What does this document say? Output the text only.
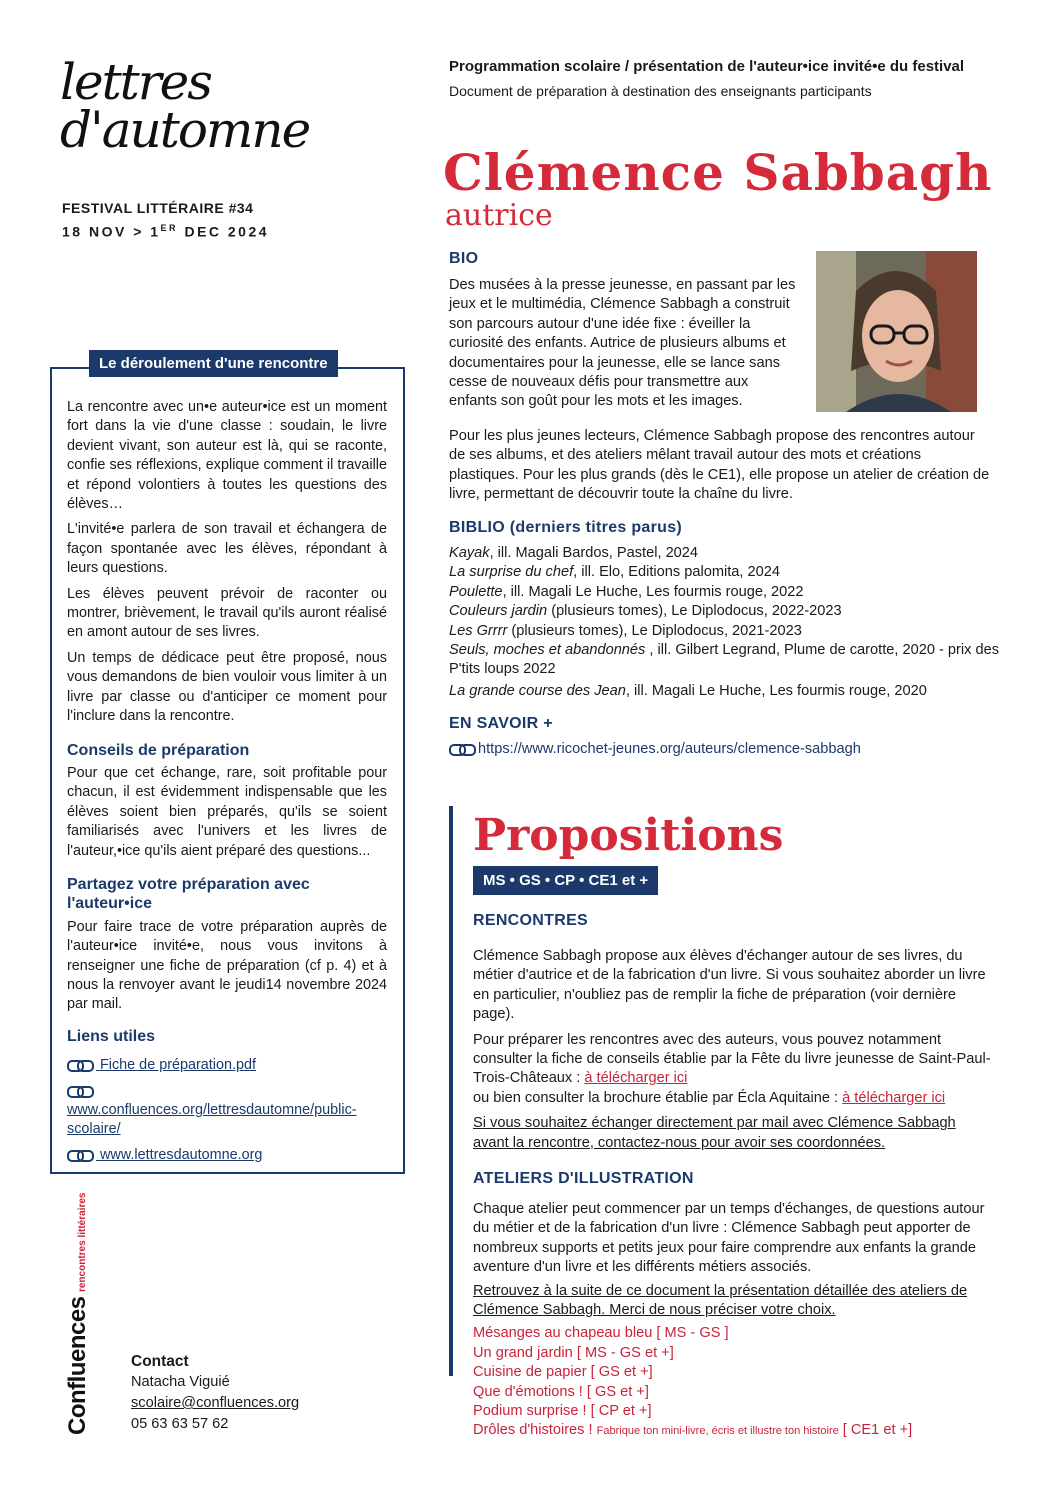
lettres
d'automne
FESTIVAL LITTÉRAIRE #34
18 NOV > 1ER DEC 2024
Programmation scolaire / présentation de l'auteur•ice invité•e du festival
Document de préparation à destination des enseignants participants
Clémence Sabbagh
autrice
BIO
Des musées à la presse jeunesse, en passant par les jeux et le multimédia, Clémence Sabbagh a construit son parcours autour d'une idée fixe : éveiller la curiosité des enfants. Autrice de plusieurs albums et documentaires pour la jeunesse, elle se lance sans cesse de nouveaux défis pour transmettre aux enfants son goût pour les mots et les images.
Pour les plus jeunes lecteurs, Clémence Sabbagh propose des rencontres autour de ses albums, et des ateliers mêlant travail autour des mots et créations plastiques. Pour les plus grands (dès le CE1), elle propose un atelier de création de livre, permettant de découvrir toute la chaîne du livre.
BIBLIO (derniers titres parus)
Kayak, ill. Magali Bardos, Pastel, 2024
La surprise du chef, ill. Elo, Editions palomita, 2024
Poulette, ill. Magali Le Huche, Les fourmis rouge, 2022
Couleurs jardin (plusieurs tomes), Le Diplodocus, 2022-2023
Les Grrrr (plusieurs tomes), Le Diplodocus, 2021-2023
Seuls, moches et abandonnés , ill. Gilbert Legrand, Plume de carotte, 2020 - prix des P'tits loups 2022
La grande course des Jean, ill. Magali Le Huche, Les fourmis rouge, 2020
EN SAVOIR +
https://www.ricochet-jeunes.org/auteurs/clemence-sabbagh
Le déroulement d'une rencontre

La rencontre avec un•e auteur•ice est un moment fort dans la vie d'une classe : soudain, le livre devient vivant, son auteur est là, qui se raconte, confie ses réflexions, explique comment il travaille et répond volontiers à toutes les questions des élèves…

L'invité•e parlera de son travail et échangera de façon spontanée avec les élèves, répondant à leurs questions.

Les élèves peuvent prévoir de raconter ou montrer, brièvement, le travail qu'ils auront réalisé en amont autour de ses livres.

Un temps de dédicace peut être proposé, nous vous demandons de bien vouloir vous limiter à un livre par classe ou d'anticiper ce moment pour l'inclure dans la rencontre.

Conseils de préparation

Pour que cet échange, rare, soit profitable pour chacun, il est évidemment indispensable que les élèves soient bien préparés, qu'ils se soient familiarisés avec l'univers et les livres de l'auteur,•ice qu'ils aient préparé des questions...

Partagez votre préparation avec l'auteur•ice

Pour faire trace de votre préparation auprès de l'auteur•ice invité•e, nous vous invitons à renseigner une fiche de préparation (cf p. 4) et à nous la renvoyer avant le jeudi14 novembre 2024 par mail.

Liens utiles
Fiche de préparation.pdf
www.confluences.org/lettresdautomne/public-scolaire/
www.lettresdautomne.org
Propositions
MS • GS • CP • CE1 et +
RENCONTRES

Clémence Sabbagh propose aux élèves d'échanger autour de ses livres, du métier d'autrice et de la fabrication d'un livre. Si vous souhaitez aborder un livre en particulier, n'oubliez pas de remplir la fiche de préparation (voir dernière page).

Pour préparer les rencontres avec des auteurs, vous pouvez notamment consulter la fiche de conseils établie par la Fête du livre jeunesse de Saint-Paul-Trois-Châteaux : à télécharger ici
ou bien consulter la brochure établie par Écla Aquitaine : à télécharger ici

Si vous souhaitez échanger directement par mail avec Clémence Sabbagh avant la rencontre, contactez-nous pour avoir ses coordonnées.

ATELIERS D'ILLUSTRATION

Chaque atelier peut commencer par un temps d'échanges, de questions autour du métier et de la fabrication d'un livre : Clémence Sabbagh peut apporter de nombreux supports et petits jeux pour faire comprendre aux enfants la grande aventure d'un livre et les différents métiers associés.

Retrouvez à la suite de ce document la présentation détaillée des ateliers de Clémence Sabbagh. Merci de nous préciser votre choix.

Mésanges au chapeau bleu [ MS - GS ]
Un grand jardin [ MS - GS et +]
Cuisine de papier [ GS et +]
Que d'émotions ! [ GS et +]
Podium surprise ! [ CP et +]
Drôles d'histoires ! Fabrique ton mini-livre, écris et illustre ton histoire [ CE1 et +]
Confluences rencontres littéraires
Contact
Natacha Viguié
scolaire@confluences.org
05 63 63 57 62
